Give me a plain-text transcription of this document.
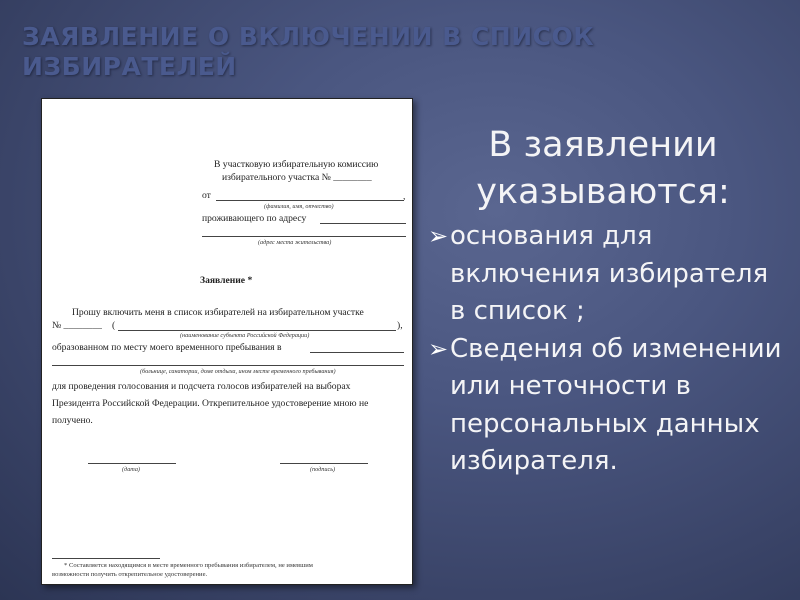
ЗАЯВЛЕНИЕ О ВКЛЮЧЕНИИ В СПИСОК ИЗБИРАТЕЛЕЙ
В участковую избирательную комиссию
избирательного участка № ________
от	,
(фамилия, имя, отчество)
проживающего по адресу
(адрес места жительства)
Заявление *
Прошу включить меня в список избирателей на избирательном участке
№ ________ (	),
(наименование субъекта Российской Федерации)
образованном по месту моего временного пребывания в
(больнице, санатории, доме отдыха, ином месте временного пребывания)
для проведения голосования и подсчета голосов избирателей на выборах
Президента Российской Федерации. Открепительное удостоверение мною не
получено.
(дата)	(подпись)
* Составляется находящимся в месте временного пребывания избирателем, не имевшим
возможности получить открепительное удостоверение.
В заявлении указываются:
➢ основания для включения избирателя в список ;
➢ Сведения об изменении или неточности в персональных данных избирателя.
